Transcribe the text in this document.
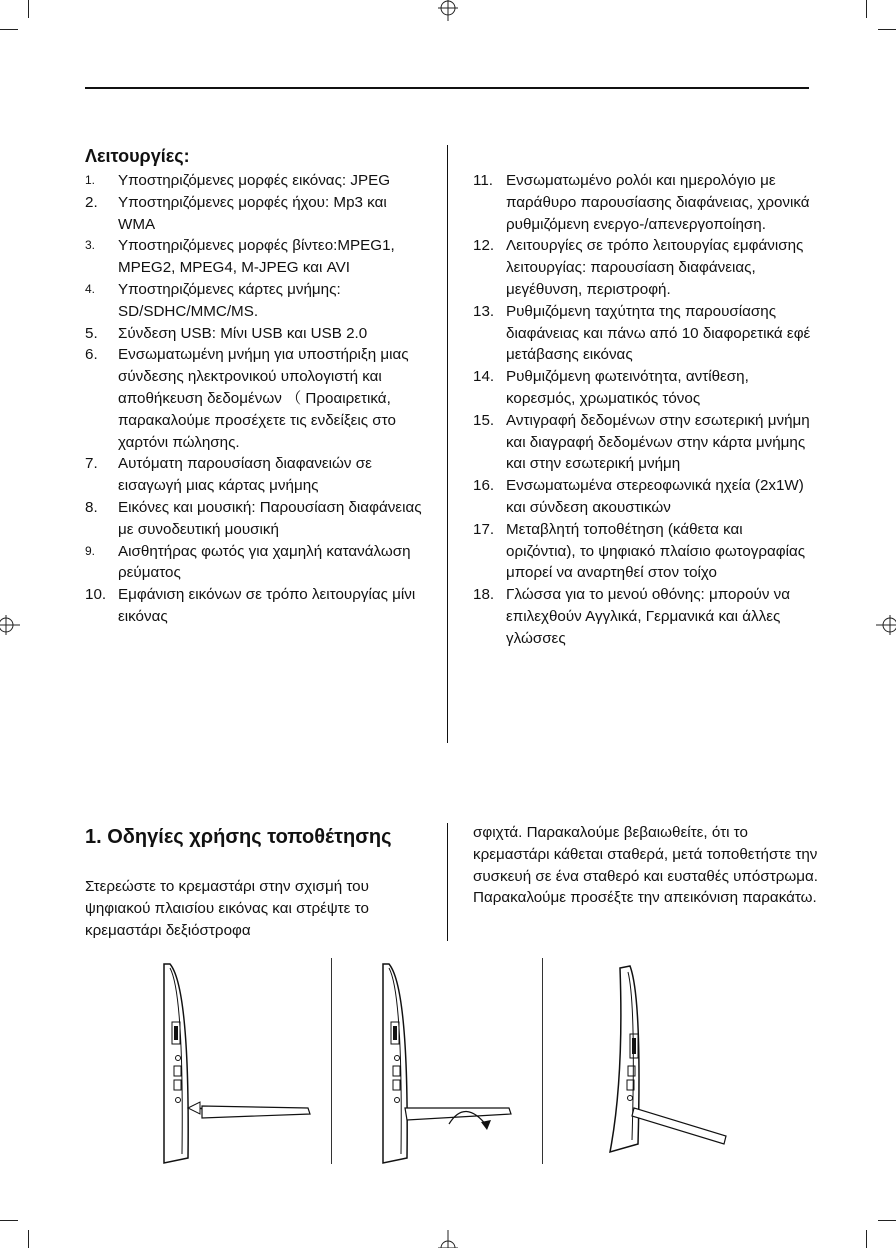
Λειτουργίες:
1. Υποστηριζόμενες μορφές εικόνας: JPEG
2. Υποστηριζόμενες μορφές ήχου: Mp3 και WMA
3. Υποστηριζόμενες μορφές βίντεο:MPEG1, MPEG2, MPEG4, M-JPEG και AVI
4. Υποστηριζόμενες κάρτες μνήμης: SD/SDHC/MMC/MS.
5. Σύνδεση USB: Μίνι USB και USB 2.0
6. Ενσωματωμένη μνήμη για υποστήριξη μιας σύνδεσης ηλεκτρονικού υπολογιστή και αποθήκευση δεδομένων （ Προαιρετικά, παρακαλούμε προσέχετε τις ενδείξεις στο χαρτόνι πώλησης.
7. Αυτόματη παρουσίαση διαφανειών σε εισαγωγή μιας κάρτας μνήμης
8. Εικόνες και μουσική: Παρουσίαση διαφάνειας με συνοδευτική μουσική
9. Αισθητήρας φωτός για χαμηλή κατανάλωση ρεύματος
10. Εμφάνιση εικόνων σε τρόπο λειτουργίας μίνι εικόνας
11. Ενσωματωμένο ρολόι και ημερολόγιο με παράθυρο παρουσίασης διαφάνειας, χρονικά ρυθμιζόμενη ενεργο-/απενεργοποίηση.
12. Λειτουργίες σε τρόπο λειτουργίας εμφάνισης λειτουργίας: παρουσίαση διαφάνειας, μεγέθυνση, περιστροφή.
13. Ρυθμιζόμενη ταχύτητα της παρουσίασης διαφάνειας και πάνω από 10 διαφορετικά εφέ μετάβασης εικόνας
14. Ρυθμιζόμενη φωτεινότητα, αντίθεση, κορεσμός, χρωματικός τόνος
15. Αντιγραφή δεδομένων στην εσωτερική μνήμη και διαγραφή δεδομένων στην κάρτα μνήμης και στην εσωτερική μνήμη
16. Ενσωματωμένα στερεοφωνικά ηχεία (2x1W) και σύνδεση ακουστικών
17. Μεταβλητή τοποθέτηση (κάθετα και οριζόντια), το ψηφιακό πλαίσιο φωτογραφίας μπορεί να αναρτηθεί στον τοίχο
18. Γλώσσα για το μενού οθόνης: μπορούν να επιλεχθούν Αγγλικά, Γερμανικά και άλλες γλώσσες
1. Οδηγίες χρήσης τοποθέτησης

Στερεώστε το κρεμαστάρι στην σχισμή του ψηφιακού πλαισίου εικόνας και στρέψτε το κρεμαστάρι δεξιόστροφα

σφιχτά. Παρακαλούμε βεβαιωθείτε, ότι το κρεμαστάρι κάθεται σταθερά, μετά τοποθετήστε την συσκευή σε ένα σταθερό και ευσταθές υπόστρωμα. Παρακαλούμε προσέξτε την απεικόνιση παρακάτω.
